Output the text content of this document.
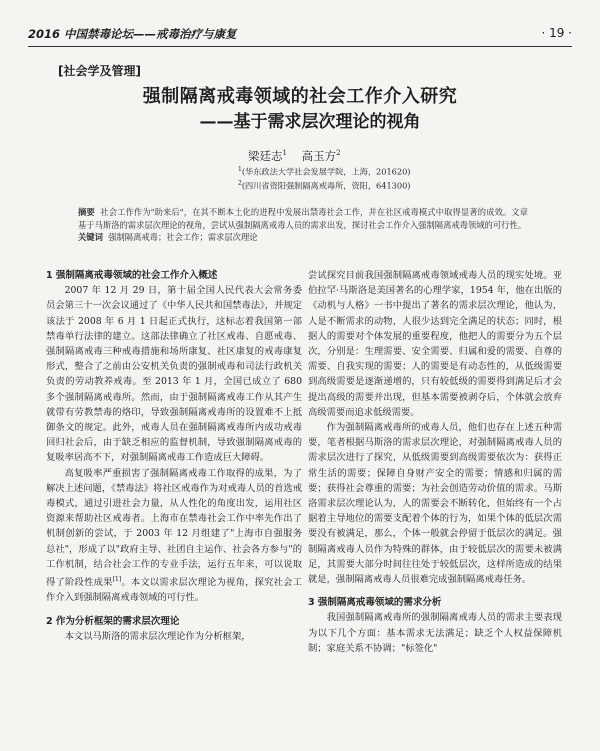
2016 中国禁毒论坛——戒毒治疗与康复	· 19 ·
[社会学及管理]
强制隔离戒毒领域的社会工作介入研究
——基于需求层次理论的视角
梁廷志$^1$ 高玉方$^2$
$^1$(华东政法大学社会发展学院，上海，201620)
$^2$(四川省资阳强制隔离戒毒所，资阳，641300)
摘要 社会工作作为"助来后"，在其不断本土化的进程中发展出禁毒社会工作，并在社区戒毒模式中取得显著的成效。文章基于马斯洛的需求层次理论的视角，尝试从强制隔离戒毒人员的需求出发，探讨社会工作介入强制隔离戒毒领域的可行性。
关键词 强制隔离戒毒；社会工作；需求层次理论
1 强制隔离戒毒领域的社会工作介入概述

2007 年 12 月 29 日，第十届全国人民代表大会常务委员会第三十一次会议通过了《中华人民共和国禁毒法》，并规定该法于 2008 年 6 月 1 日起正式执行，这标志着我国第一部禁毒单行法律的建立。这部法律确立了社区戒毒、自愿戒毒、强制隔离戒毒三种戒毒措施和场所康复、社区康复的戒毒康复形式，整合了之前由公安机关负责的强制戒毒和司法行政机关负责的劳动教养戒毒。至 2013 年 1 月，全国已成立了 680 多个强制隔离戒毒所。然而，由于强制隔离戒毒工作从其产生就带有劳教禁毒的烙印，导致强制隔离戒毒所的设置难不上抵御条文的规定。此外，戒毒人员在强制隔离戒毒所内成功戒毒回归社会后，由于缺乏相应的监督机制，导致强制隔离戒毒的复吸率居高不下，对强制隔离戒毒工作造成巨大障碍。

高复吸率严重损害了强制隔离戒毒工作取得的成果，为了解决上述问题，《禁毒法》将社区戒毒作为对戒毒人员的首选戒毒模式，通过引进社会力量，从人性化的角度出发，运用社区资源来帮助社区戒毒者。上海市在禁毒社会工作中率先作出了机制创新的尝试，于 2003 年 12 月组建了"上海市自强服务总社"，形成了以"政府主导、社团自主运作、社会各方参与"的工作机制，结合社会工作的专业手法，运行五年来，可以说取得了阶段性成果[1]。本文以需求层次理论为视角，探究社会工作介入到强制隔离戒毒领域的可行性。

2 作为分析框架的需求层次理论

本文以马斯洛的需求层次理论作为分析框架，

尝试探究目前我国强制隔离戒毒领域戒毒人员的现实处境。亚伯拉罕·马斯洛是美国著名的心理学家，1954 年，他在出版的《动机与人格》一书中提出了著名的需求层次理论，他认为，人是不断需求的动物，人很少达到完全满足的状态；同时，根据人的需要对个体发展的重要程度，他把人的需要分为五个层次，分别是：生理需要、安全需要、归属和爱的需要、自尊的需要、自我实现的需要；人的需要是有动态性的，从低级需要到高级需要是逐渐递增的，只有较低级的需要得到满足后才会提出高级的需要并出现，但基本需要被剥夺后，个体就会放弃高级需要而追求低级需要。

作为强制隔离戒毒所的戒毒人员，他们也存在上述五种需要，笔者根据马斯洛的需求层次理论，对强制隔离戒毒人员的需求层次进行了探究，从低级需要到高级需要依次为：获得正常生活的需要；保障自身财产安全的需要；情感和归属的需要；获得社会尊重的需要；为社会创造劳动价值的需求。马斯洛需求层次理论认为，人的需要会不断转化，但始终有一个占据着主导地位的需要支配着个体的行为，如果个体的低层次需要没有被满足，那么，个体一般就会停留于低层次的满足。强制隔离戒毒人员作为特殊的群体，由于较低层次的需要未被满足，其需要大部分时间往往处于较低层次，这样所造成的结果就是，强制隔离戒毒人员很难完成强制隔离戒毒任务。

3 强制隔离戒毒领域的需求分析

我国强制隔离戒毒所的强制隔离戒毒人员的需求主要表现为以下几个方面：基本需求无法满足；缺乏个人权益保障机制；家庭关系不协调；"标签化"
